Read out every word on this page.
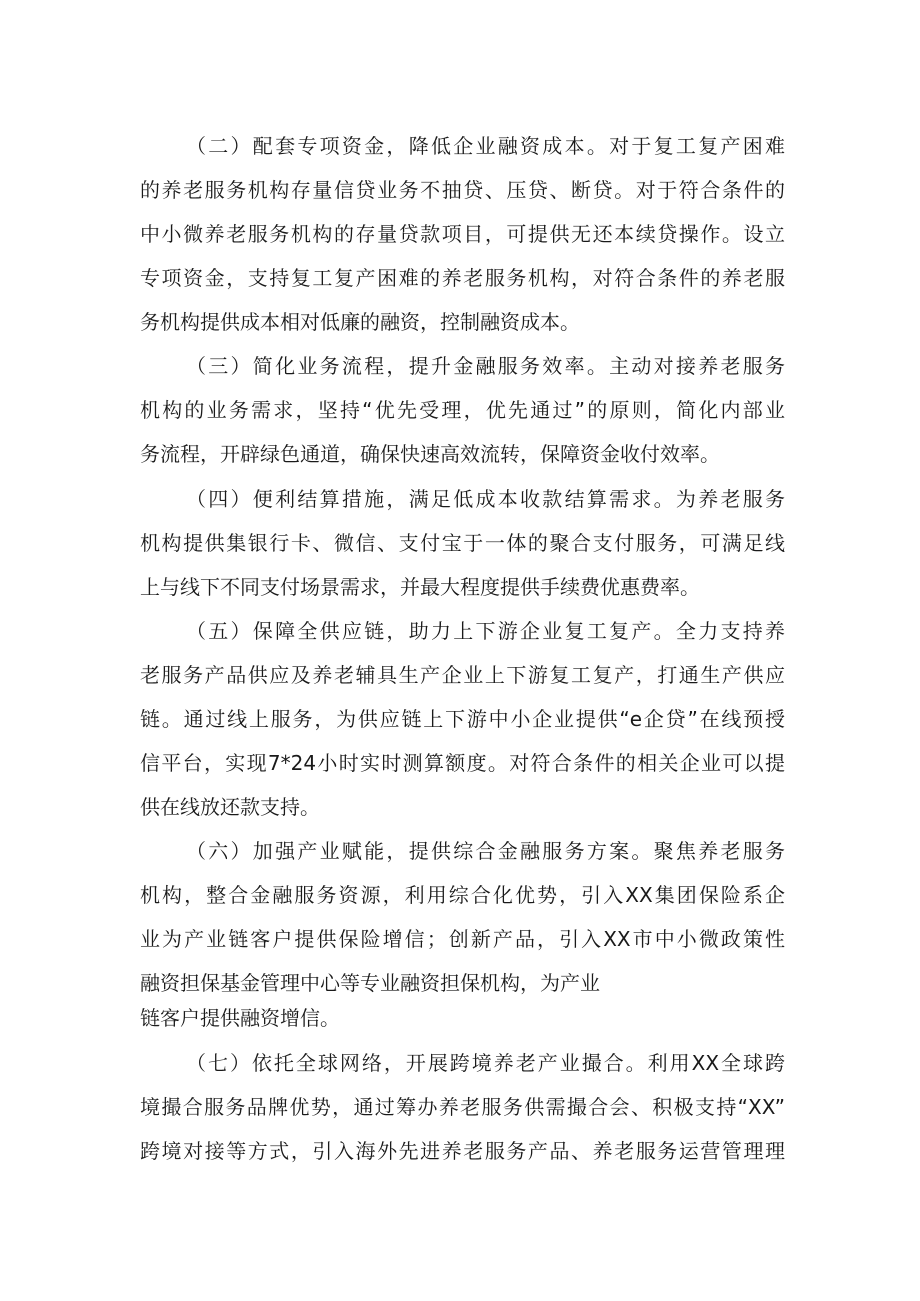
（二）配套专项资金，降低企业融资成本。对于复工复产困难
的养老服务机构存量信贷业务不抽贷、压贷、断贷。对于符合条件的
中小微养老服务机构的存量贷款项目，可提供无还本续贷操作。设立
专项资金，支持复工复产困难的养老服务机构，对符合条件的养老服
务机构提供成本相对低廉的融资，控制融资成本。
（三）简化业务流程，提升金融服务效率。主动对接养老服务
机构的业务需求，坚持“优先受理，优先通过”的原则，简化内部业
务流程，开辟绿色通道，确保快速高效流转，保障资金收付效率。
（四）便利结算措施，满足低成本收款结算需求。为养老服务
机构提供集银行卡、微信、支付宝于一体的聚合支付服务，可满足线
上与线下不同支付场景需求，并最大程度提供手续费优惠费率。
（五）保障全供应链，助力上下游企业复工复产。全力支持养
老服务产品供应及养老辅具生产企业上下游复工复产，打通生产供应
链。通过线上服务，为供应链上下游中小企业提供“e企贷”在线预授
信平台，实现7*24小时实时测算额度。对符合条件的相关企业可以提
供在线放还款支持。
（六）加强产业赋能，提供综合金融服务方案。聚焦养老服务
机构，整合金融服务资源，利用综合化优势，引入XX集团保险系企
业为产业链客户提供保险增信；创新产品，引入XX市中小微政策性
融资担保基金管理中心等专业融资担保机构，为产业
链客户提供融资增信。
（七）依托全球网络，开展跨境养老产业撮合。利用XX全球跨
境撮合服务品牌优势，通过筹办养老服务供需撮合会、积极支持“XX”
跨境对接等方式，引入海外先进养老服务产品、养老服务运营管理理
